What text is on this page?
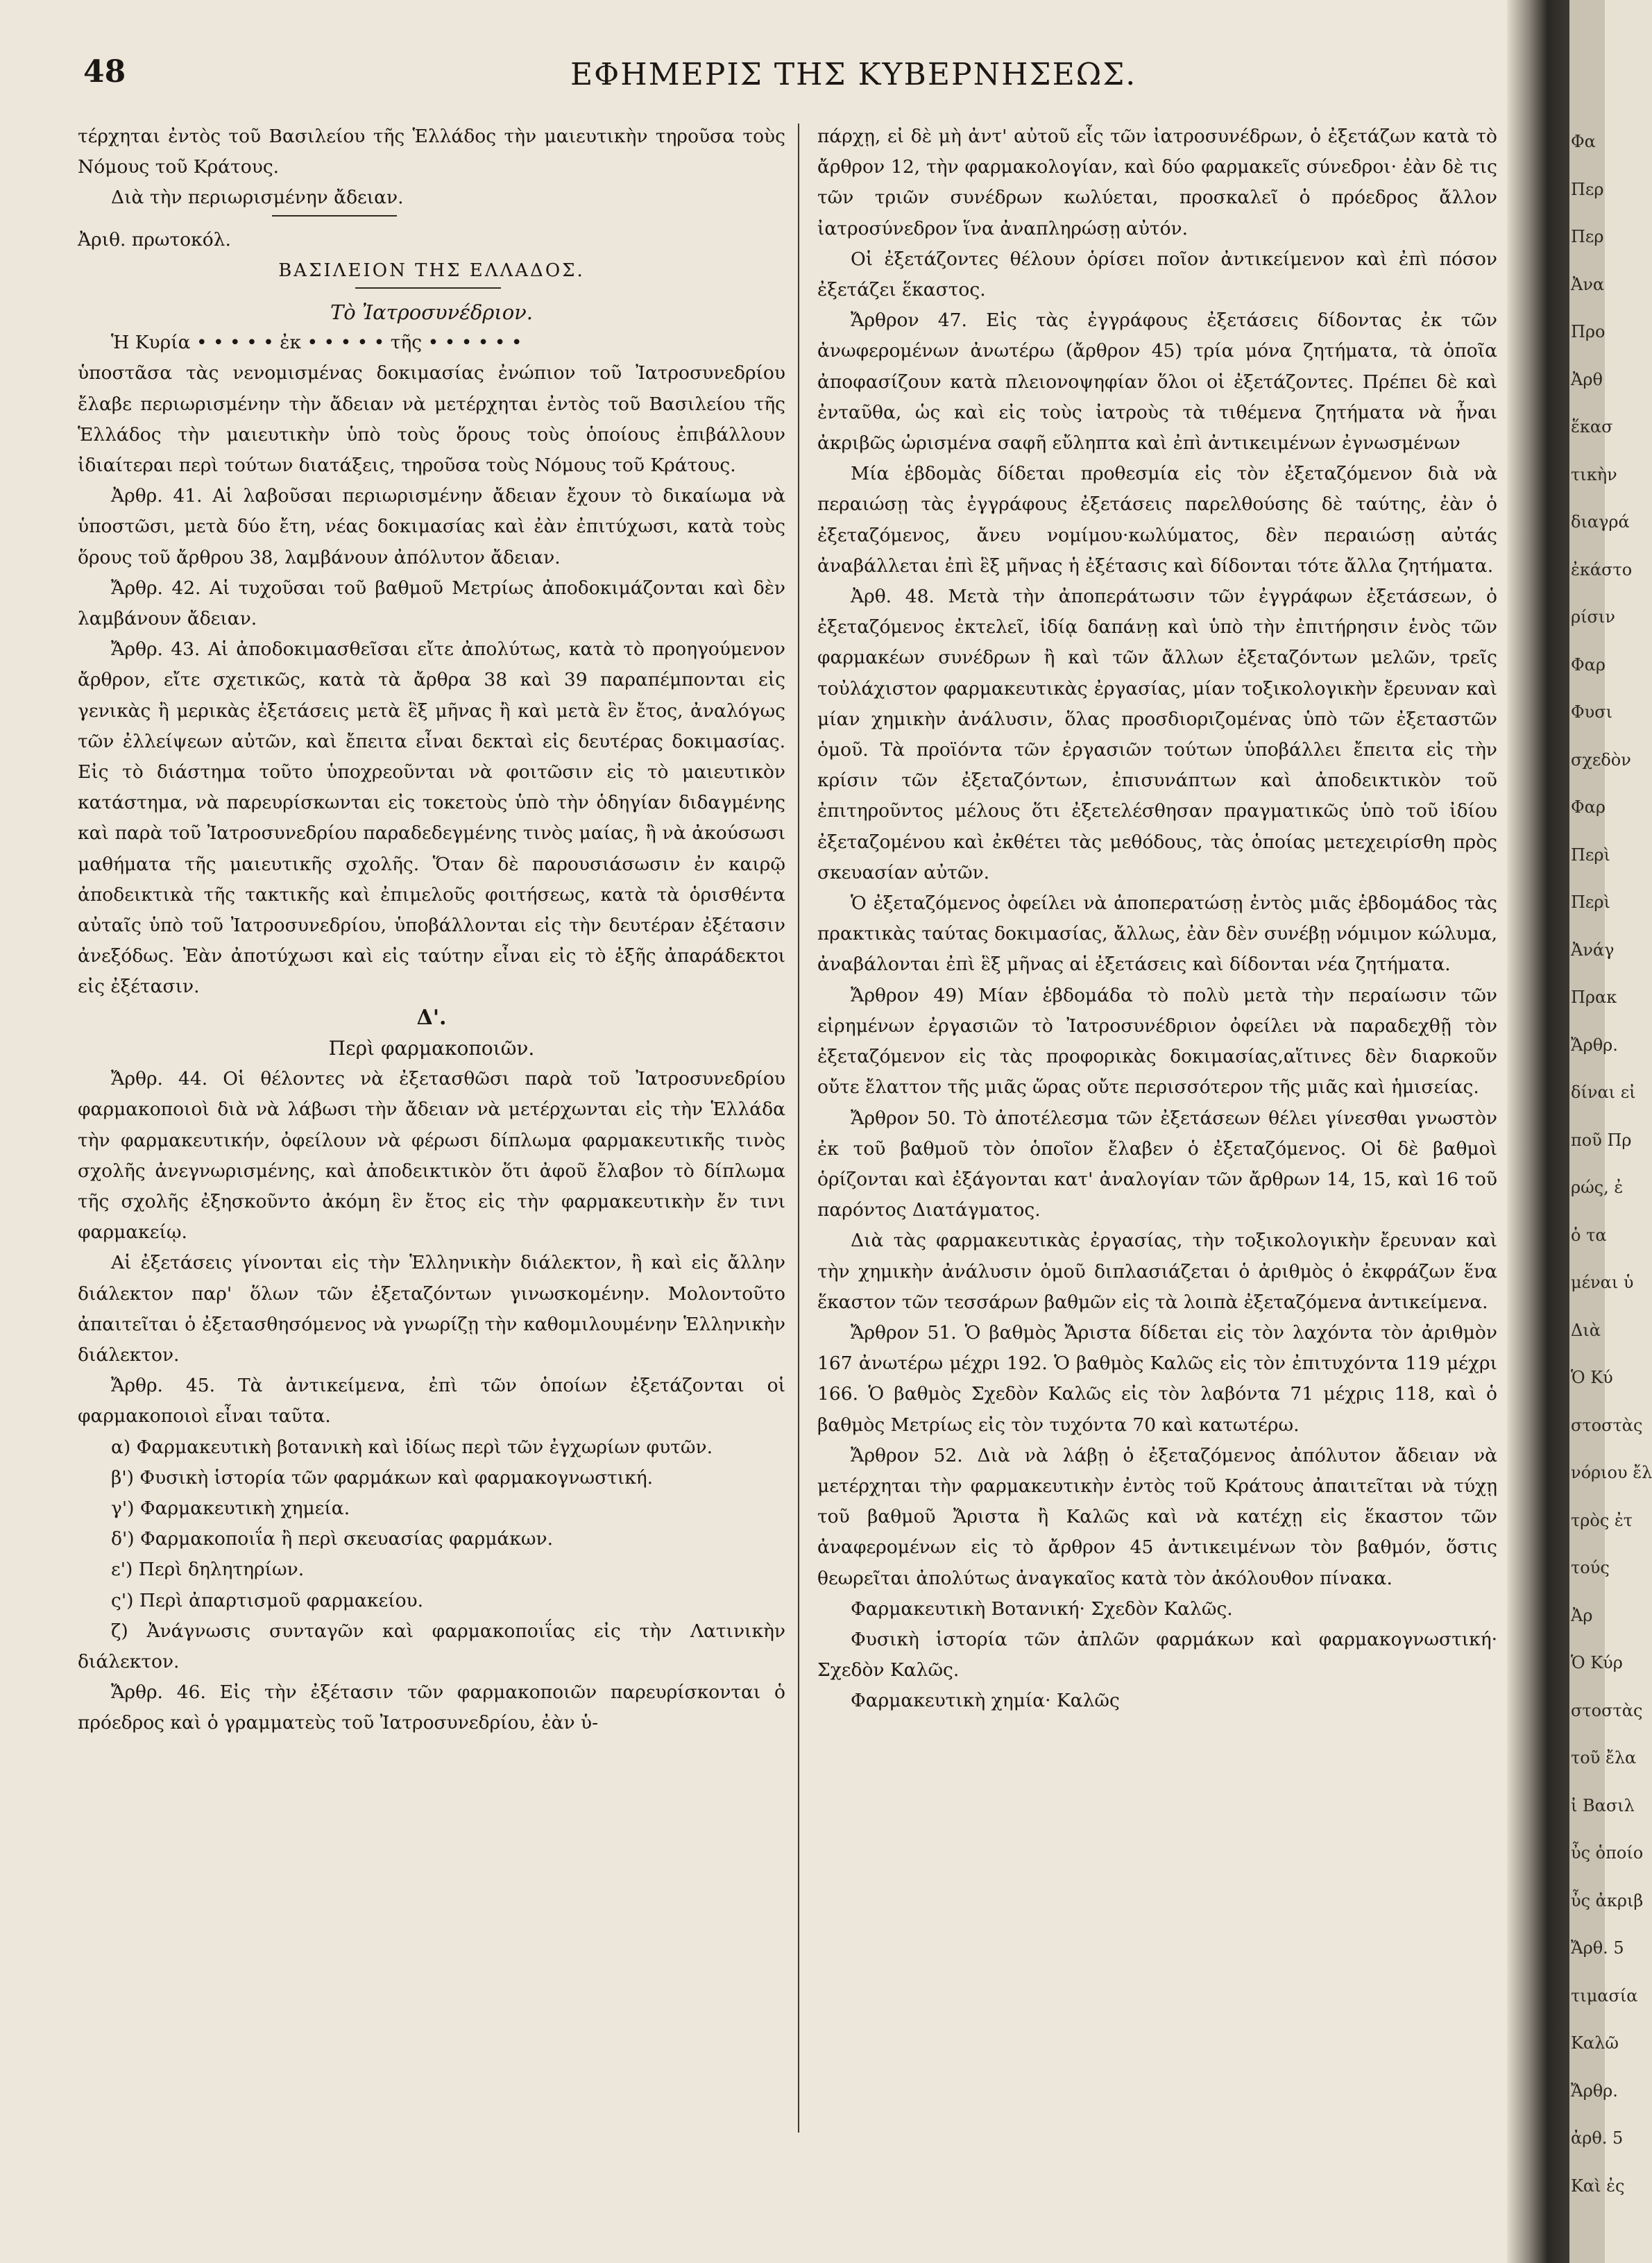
48	ΕΦΗΜΕΡΙΣ ΤΗΣ ΚΥΒΕΡΝΗΣΕΩΣ.

τέρχηται ἐντὸς τοῦ Βασιλείου τῆς Ἑλλάδος τὴν μαιευτικὴν τηροῦσα τοὺς Νόμους τοῦ Κράτους.

Διὰ τὴν περιωρισμένην ἄδειαν.

Ἀριθ. πρωτοκόλ.

ΒΑΣΙΛΕΙΟΝ ΤΗΣ ΕΛΛΑΔΟΣ.

Τὸ Ἰατροσυνέδριον.

Ἡ Κυρία • • • • • ἐκ • • • • • τῆς • • • • • •

ὑποστᾶσα τὰς νενομισμένας δοκιμασίας ἐνώπιον τοῦ Ἰατροσυνεδρίου ἔλαβε περιωρισμένην τὴν ἄδειαν νὰ μετέρχηται ἐντὸς τοῦ Βασιλείου τῆς Ἑλλάδος τὴν μαιευτικὴν ὑπὸ τοὺς ὅρους τοὺς ὁποίους ἐπιβάλλουν ἰδιαίτεραι περὶ τούτων διατάξεις, τηροῦσα τοὺς Νόμους τοῦ Κράτους.

Ἀρθρ. 41. Αἱ λαβοῦσαι περιωρισμένην ἄδειαν ἔχουν τὸ δικαίωμα νὰ ὑποστῶσι, μετὰ δύο ἔτη, νέας δοκιμασίας καὶ ἐὰν ἐπιτύχωσι, κατὰ τοὺς ὅρους τοῦ ἄρθρου 38, λαμβάνουν ἀπόλυτον ἄδειαν.

Ἄρθρ. 42. Αἱ τυχοῦσαι τοῦ βαθμοῦ Μετρίως ἀποδοκιμάζονται καὶ δὲν λαμβάνουν ἄδειαν.

Ἄρθρ. 43. Αἱ ἀποδοκιμασθεῖσαι εἴτε ἀπολύτως, κατὰ τὸ προηγούμενον ἄρθρον, εἴτε σχετικῶς, κατὰ τὰ ἄρθρα 38 καὶ 39 παραπέμπονται εἰς γενικὰς ἢ μερικὰς ἐξετάσεις μετὰ ἓξ μῆνας ἢ καὶ μετὰ ἓν ἔτος, ἀναλόγως τῶν ἐλλείψεων αὐτῶν, καὶ ἔπειτα εἶναι δεκταὶ εἰς δευτέρας δοκιμασίας. Εἰς τὸ διάστημα τοῦτο ὑποχρεοῦνται νὰ φοιτῶσιν εἰς τὸ μαιευτικὸν κατάστημα, νὰ παρευρίσκωνται εἰς τοκετοὺς ὑπὸ τὴν ὁδηγίαν διδαγμένης καὶ παρὰ τοῦ Ἰατροσυνεδρίου παραδεδεγμένης τινὸς μαίας, ἢ νὰ ἀκούσωσι μαθήματα τῆς μαιευτικῆς σχολῆς. Ὅταν δὲ παρουσιάσωσιν ἐν καιρῷ ἀποδεικτικὰ τῆς τακτικῆς καὶ ἐπιμελοῦς φοιτήσεως, κατὰ τὰ ὁρισθέντα αὐταῖς ὑπὸ τοῦ Ἰατροσυνεδρίου, ὑποβάλλονται εἰς τὴν δευτέραν ἐξέτασιν ἀνεξόδως. Ἐὰν ἀποτύχωσι καὶ εἰς ταύτην εἶναι εἰς τὸ ἑξῆς ἀπαράδεκτοι εἰς ἐξέτασιν.

Δ'.

Περὶ φαρμακοποιῶν.

Ἄρθρ. 44. Οἱ θέλοντες νὰ ἐξετασθῶσι παρὰ τοῦ Ἰατροσυνεδρίου φαρμακοποιοὶ διὰ νὰ λάβωσι τὴν ἄδειαν νὰ μετέρχωνται εἰς τὴν Ἑλλάδα τὴν φαρμακευτικήν, ὀφείλουν νὰ φέρωσι δίπλωμα φαρμακευτικῆς τινὸς σχολῆς ἀνεγνωρισμένης, καὶ ἀποδεικτικὸν ὅτι ἀφοῦ ἔλαβον τὸ δίπλωμα τῆς σχολῆς ἐξησκοῦντο ἀκόμη ἓν ἔτος εἰς τὴν φαρμακευτικὴν ἔν τινι φαρμακείῳ.

Αἱ ἐξετάσεις γίνονται εἰς τὴν Ἑλληνικὴν διάλεκτον, ἢ καὶ εἰς ἄλλην διάλεκτον παρ' ὅλων τῶν ἐξεταζόντων γινωσκομένην. Μολοντοῦτο ἀπαιτεῖται ὁ ἐξετασθησόμενος νὰ γνωρίζῃ τὴν καθομιλουμένην Ἑλληνικὴν διάλεκτον.

Ἄρθρ. 45. Τὰ ἀντικείμενα, ἐπὶ τῶν ὁποίων ἐξετάζονται οἱ φαρμακοποιοὶ εἶναι ταῦτα.

α) Φαρμακευτικὴ βοτανικὴ καὶ ἰδίως περὶ τῶν ἐγχωρίων φυτῶν.

β') Φυσικὴ ἱστορία τῶν φαρμάκων καὶ φαρμακογνωστική.

γ') Φαρμακευτικὴ χημεία.

δ') Φαρμακοποιΐα ἢ περὶ σκευασίας φαρμάκων.

ε') Περὶ δηλητηρίων.

ς') Περὶ ἀπαρτισμοῦ φαρμακείου.

ζ) Ἀνάγνωσις συνταγῶν καὶ φαρμακοποιΐας εἰς τὴν Λατινικὴν διάλεκτον.

Ἄρθρ. 46. Εἰς τὴν ἐξέτασιν τῶν φαρμακοποιῶν παρευρίσκονται ὁ πρόεδρος καὶ ὁ γραμματεὺς τοῦ Ἰατροσυνεδρίου, ἐὰν ὑ-

πάρχῃ, εἰ δὲ μὴ ἀντ' αὐτοῦ εἷς τῶν ἰατροσυνέδρων, ὁ ἐξετάζων κατὰ τὸ ἄρθρον 12, τὴν φαρμακολογίαν, καὶ δύο φαρμακεῖς σύνεδροι· ἐὰν δὲ τις τῶν τριῶν συνέδρων κωλύεται, προσκαλεῖ ὁ πρόεδρος ἄλλον ἰατροσύνεδρον ἵνα ἀναπληρώσῃ αὐτόν.

Οἱ ἐξετάζοντες θέλουν ὁρίσει ποῖον ἀντικείμενον καὶ ἐπὶ πόσον ἐξετάζει ἕκαστος.

Ἄρθρον 47. Εἰς τὰς ἐγγράφους ἐξετάσεις δίδοντας ἐκ τῶν ἀνωφερομένων ἀνωτέρω (ἄρθρον 45) τρία μόνα ζητήματα, τὰ ὁποῖα ἀποφασίζουν κατὰ πλειονοψηφίαν ὅλοι οἱ ἐξετάζοντες. Πρέπει δὲ καὶ ἐνταῦθα, ὡς καὶ εἰς τοὺς ἰατροὺς τὰ τιθέμενα ζητήματα νὰ ἦναι ἀκριβῶς ὡρισμένα σαφῆ εὔληπτα καὶ ἐπὶ ἀντικειμένων ἐγνωσμένων

Μία ἑβδομὰς δίδεται προθεσμία εἰς τὸν ἐξεταζόμενον διὰ νὰ περαιώσῃ τὰς ἐγγράφους ἐξετάσεις παρελθούσης δὲ ταύτης, ἐὰν ὁ ἐξεταζόμενος, ἄνευ νομίμου·κωλύματος, δὲν περαιώσῃ αὐτάς ἀναβάλλεται ἐπὶ ἓξ μῆνας ἡ ἐξέτασις καὶ δίδονται τότε ἄλλα ζητήματα.

Ἀρθ. 48. Μετὰ τὴν ἀποπεράτωσιν τῶν ἐγγράφων ἐξετάσεων, ὁ ἐξεταζόμενος ἐκτελεῖ, ἰδίᾳ δαπάνῃ καὶ ὑπὸ τὴν ἐπιτήρησιν ἑνὸς τῶν φαρμακέων συνέδρων ἢ καὶ τῶν ἄλλων ἐξεταζόντων μελῶν, τρεῖς τοὐλάχιστον φαρμακευτικὰς ἐργασίας, μίαν τοξικολογικὴν ἔρευναν καὶ μίαν χημικὴν ἀνάλυσιν, ὅλας προσδιοριζομένας ὑπὸ τῶν ἐξεταστῶν ὁμοῦ. Τὰ προϊόντα τῶν ἐργασιῶν τούτων ὑποβάλλει ἔπειτα εἰς τὴν κρίσιν τῶν ἐξεταζόντων, ἐπισυνάπτων καὶ ἀποδεικτικὸν τοῦ ἐπιτηροῦντος μέλους ὅτι ἐξετελέσθησαν πραγματικῶς ὑπὸ τοῦ ἰδίου ἐξεταζομένου καὶ ἐκθέτει τὰς μεθόδους, τὰς ὁποίας μετεχειρίσθη πρὸς σκευασίαν αὐτῶν.

Ὁ ἐξεταζόμενος ὀφείλει νὰ ἀποπερατώσῃ ἐντὸς μιᾶς ἑβδομάδος τὰς πρακτικὰς ταύτας δοκιμασίας, ἄλλως, ἐὰν δὲν συνέβῃ νόμιμον κώλυμα, ἀναβάλονται ἐπὶ ἓξ μῆνας αἱ ἐξετάσεις καὶ δίδονται νέα ζητήματα.

Ἄρθρον 49) Μίαν ἑβδομάδα τὸ πολὺ μετὰ τὴν περαίωσιν τῶν εἰρημένων ἐργασιῶν τὸ Ἰατροσυνέδριον ὀφείλει νὰ παραδεχθῇ τὸν ἐξεταζόμενον εἰς τὰς προφορικὰς δοκιμασίας,αἵτινες δὲν διαρκοῦν οὔτε ἔλαττον τῆς μιᾶς ὥρας οὔτε περισσότερον τῆς μιᾶς καὶ ἡμισείας.

Ἄρθρον 50. Τὸ ἀποτέλεσμα τῶν ἐξετάσεων θέλει γίνεσθαι γνωστὸν ἐκ τοῦ βαθμοῦ τὸν ὁποῖον ἔλαβεν ὁ ἐξεταζόμενος. Οἱ δὲ βαθμοὶ ὁρίζονται καὶ ἐξάγονται κατ' ἀναλογίαν τῶν ἄρθρων 14, 15, καὶ 16 τοῦ παρόντος Διατάγματος.

Διὰ τὰς φαρμακευτικὰς ἐργασίας, τὴν τοξικολογικὴν ἔρευναν καὶ τὴν χημικὴν ἀνάλυσιν ὁμοῦ διπλασιάζεται ὁ ἀριθμὸς ὁ ἐκφράζων ἕνα ἕκαστον τῶν τεσσάρων βαθμῶν εἰς τὰ λοιπὰ ἐξεταζόμενα ἀντικείμενα.

Ἄρθρον 51. Ὁ βαθμὸς Ἄριστα δίδεται εἰς τὸν λαχόντα τὸν ἀριθμὸν 167 ἀνωτέρω μέχρι 192. Ὁ βαθμὸς Καλῶς εἰς τὸν ἐπιτυχόντα 119 μέχρι 166. Ὁ βαθμὸς Σχεδὸν Καλῶς εἰς τὸν λαβόντα 71 μέχρις 118, καὶ ὁ βαθμὸς Μετρίως εἰς τὸν τυχόντα 70 καὶ κατωτέρω.

Ἄρθρον 52. Διὰ νὰ λάβῃ ὁ ἐξεταζόμενος ἀπόλυτον ἄδειαν νὰ μετέρχηται τὴν φαρμακευτικὴν ἐντὸς τοῦ Κράτους ἀπαιτεῖται νὰ τύχῃ τοῦ βαθμοῦ Ἄριστα ἢ Καλῶς καὶ νὰ κατέχῃ εἰς ἕκαστον τῶν ἀναφερομένων εἰς τὸ ἄρθρον 45 ἀντικειμένων τὸν βαθμόν, ὅστις θεωρεῖται ἀπολύτως ἀναγκαῖος κατὰ τὸν ἀκόλουθον πίνακα.

Φαρμακευτικὴ Βοτανική· Σχεδὸν Καλῶς.

Φυσικὴ ἱστορία τῶν ἀπλῶν φαρμάκων καὶ φαρμακογνωστική· Σχεδὸν Καλῶς.

Φαρμακευτικὴ χημία· Καλῶς

Φα
Περ
Περ
Ἀνα
Προ
Ἀρθ
ἕκασ
τικὴν
διαγρά
ἐκάστο
ρίσιν
Φαρ
Φυσι
σχεδὸν
Φαρ
Περὶ
Περὶ
Ἀνάγ
Πρακ
Ἄρθρ.
δίναι εἰ
ποῦ Πρ
ρώς, ἐ
ὁ τα
μέναι ὑ
Διὰ
Ὁ Κύ
στοστὰς
νόριου ἔλ
τρὸς ἐτ
τούς
Ἀρ
Ὁ Κύρ
στοστὰς
τοῦ ἔλα
ἰ Βασιλ
ὖς ὁποίο
ὖς ἀκριβ
Ἄρθ. 5
τιμασία
Καλῶ
Ἄρθρ.
ἀρθ. 5
Καὶ ἐς
